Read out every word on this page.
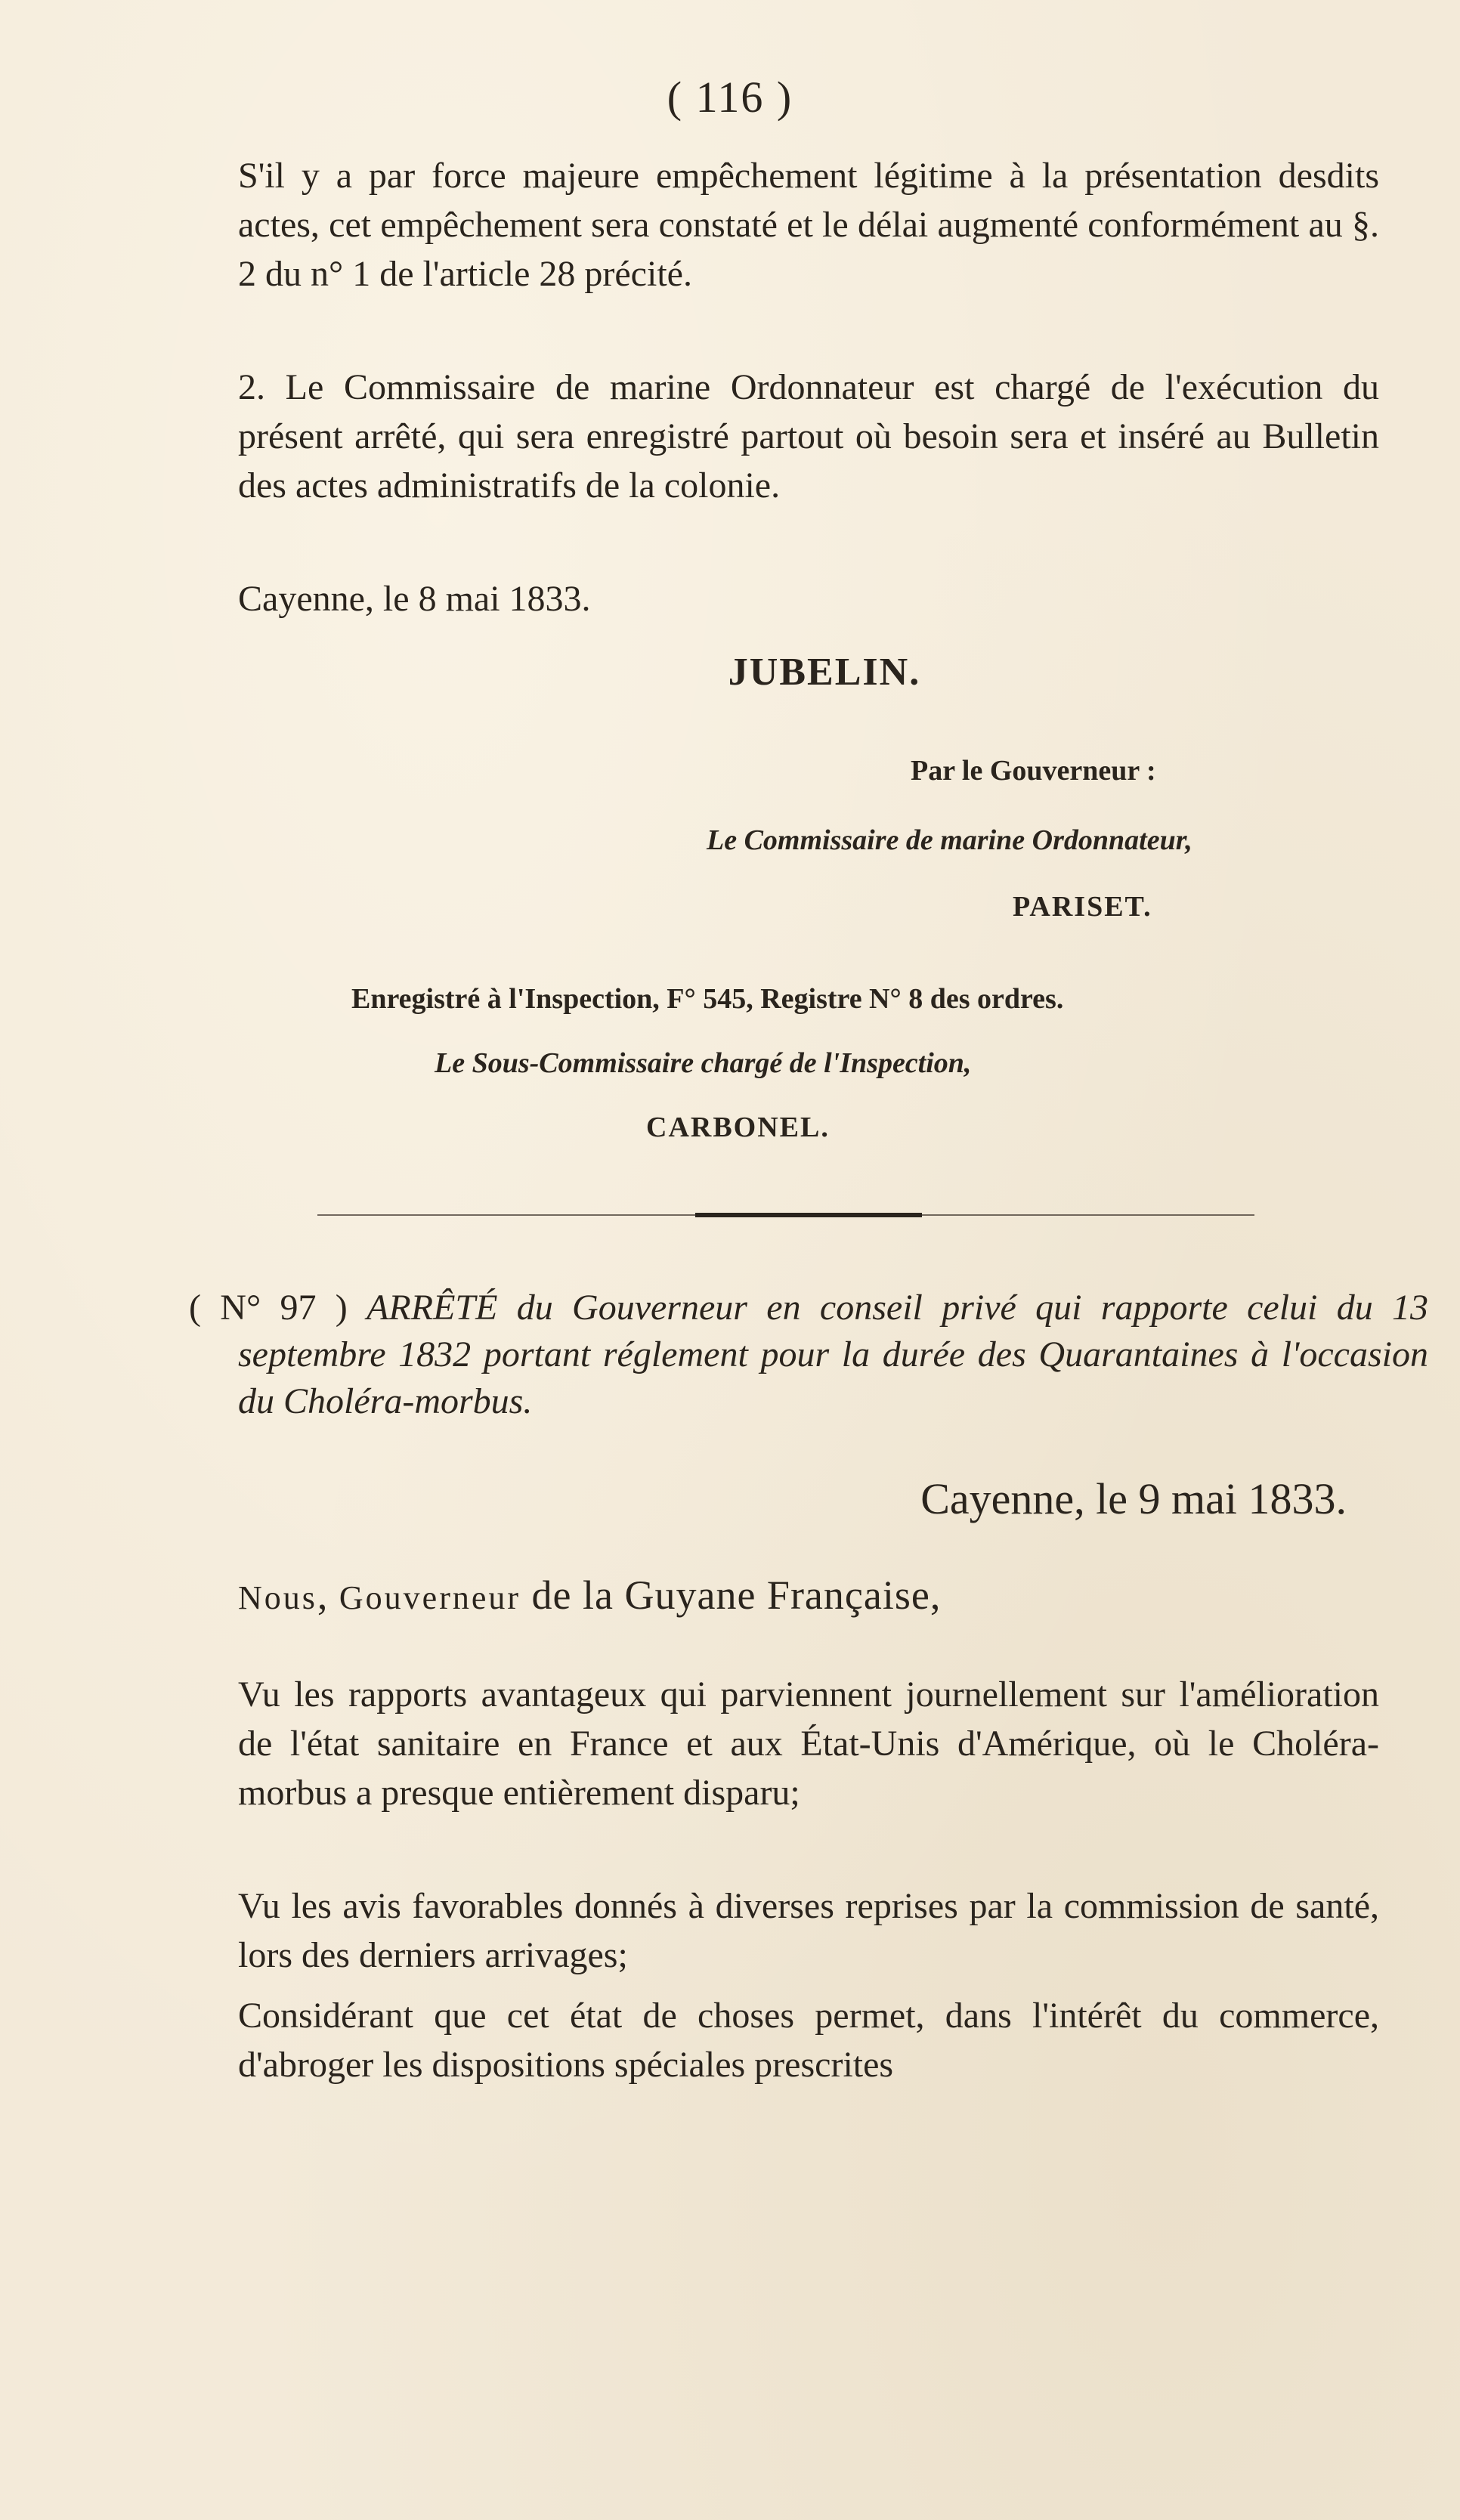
( 116 )
S'il y a par force majeure empêchement légitime à la présentation desdits actes, cet empêchement sera constaté et le délai augmenté conformément au §. 2 du n° 1 de l'article 28 précité.
2. Le Commissaire de marine Ordonnateur est chargé de l'exécution du présent arrêté, qui sera enregistré partout où besoin sera et inséré au Bulletin des actes administratifs de la colonie.
Cayenne, le 8 mai 1833.
JUBELIN.
Par le Gouverneur :
Le Commissaire de marine Ordonnateur,
PARISET.
Enregistré à l'Inspection, F° 545, Registre N° 8 des ordres.
Le Sous-Commissaire chargé de l'Inspection,
CARBONEL.
( N° 97 ) ARRÊTÉ du Gouverneur en conseil privé qui rapporte celui du 13 septembre 1832 portant réglement pour la durée des Quarantaines à l'occasion du Choléra-morbus.
Cayenne, le 9 mai 1833.
Nous, Gouverneur de la Guyane Française,
Vu les rapports avantageux qui parviennent journellement sur l'amélioration de l'état sanitaire en France et aux État-Unis d'Amérique, où le Choléra-morbus a presque entièrement disparu;
Vu les avis favorables donnés à diverses reprises par la commission de santé, lors des derniers arrivages;
Considérant que cet état de choses permet, dans l'intérêt du commerce, d'abroger les dispositions spéciales prescrites
